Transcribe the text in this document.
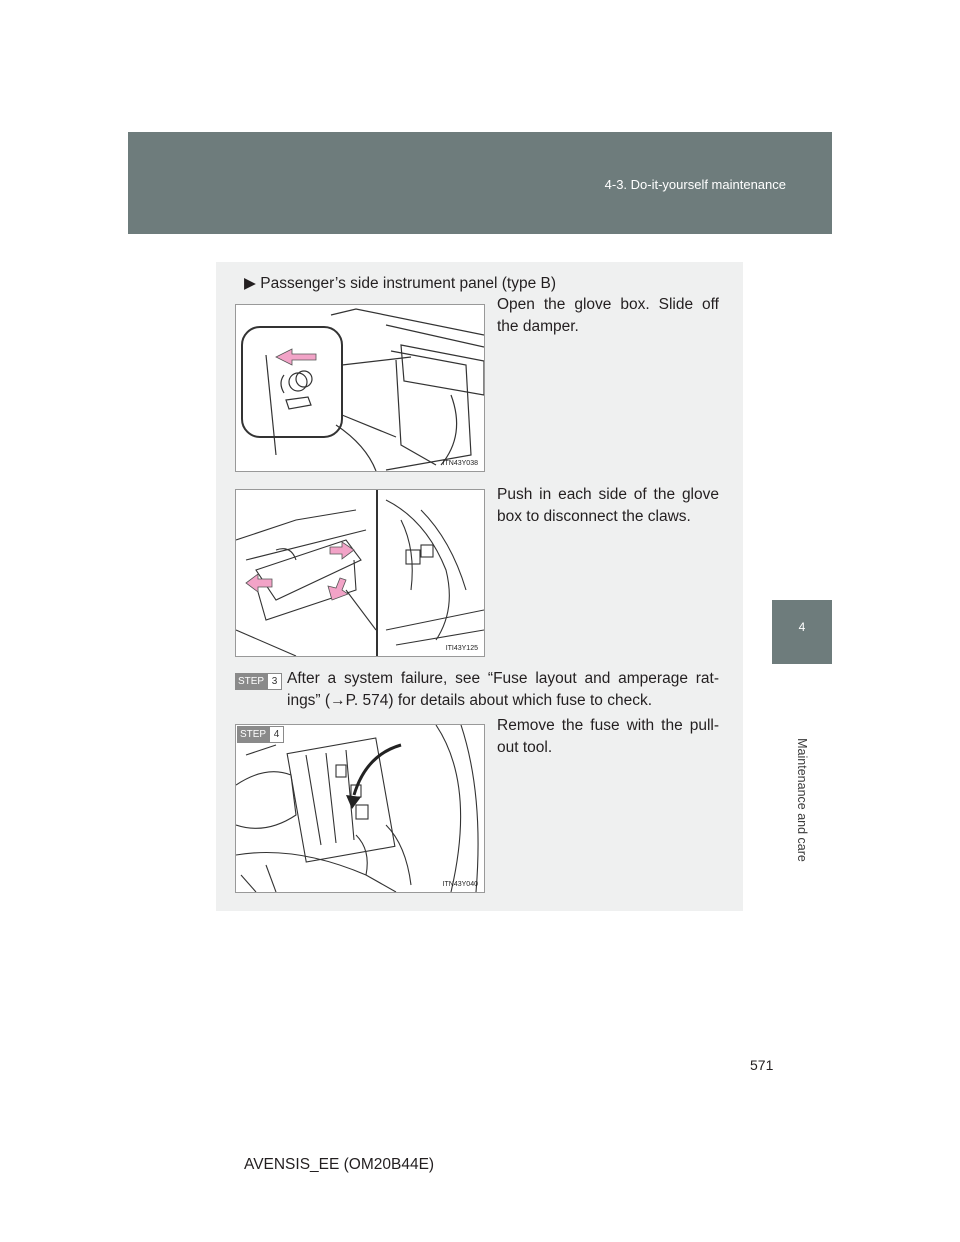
4-3. Do-it-yourself maintenance
4
Maintenance and care
▶ Passenger’s side instrument panel (type B)
ITN43Y038
Open the glove box. Slide off the damper.
ITI43Y125
Push in each side of the glove box to disconnect the claws.
STEP 3 After a system failure, see “Fuse layout and amperage rat-ings” (→P. 574) for details about which fuse to check.
STEP 4
ITN43Y040
Remove the fuse with the pull-out tool.
571
AVENSIS_EE (OM20B44E)
